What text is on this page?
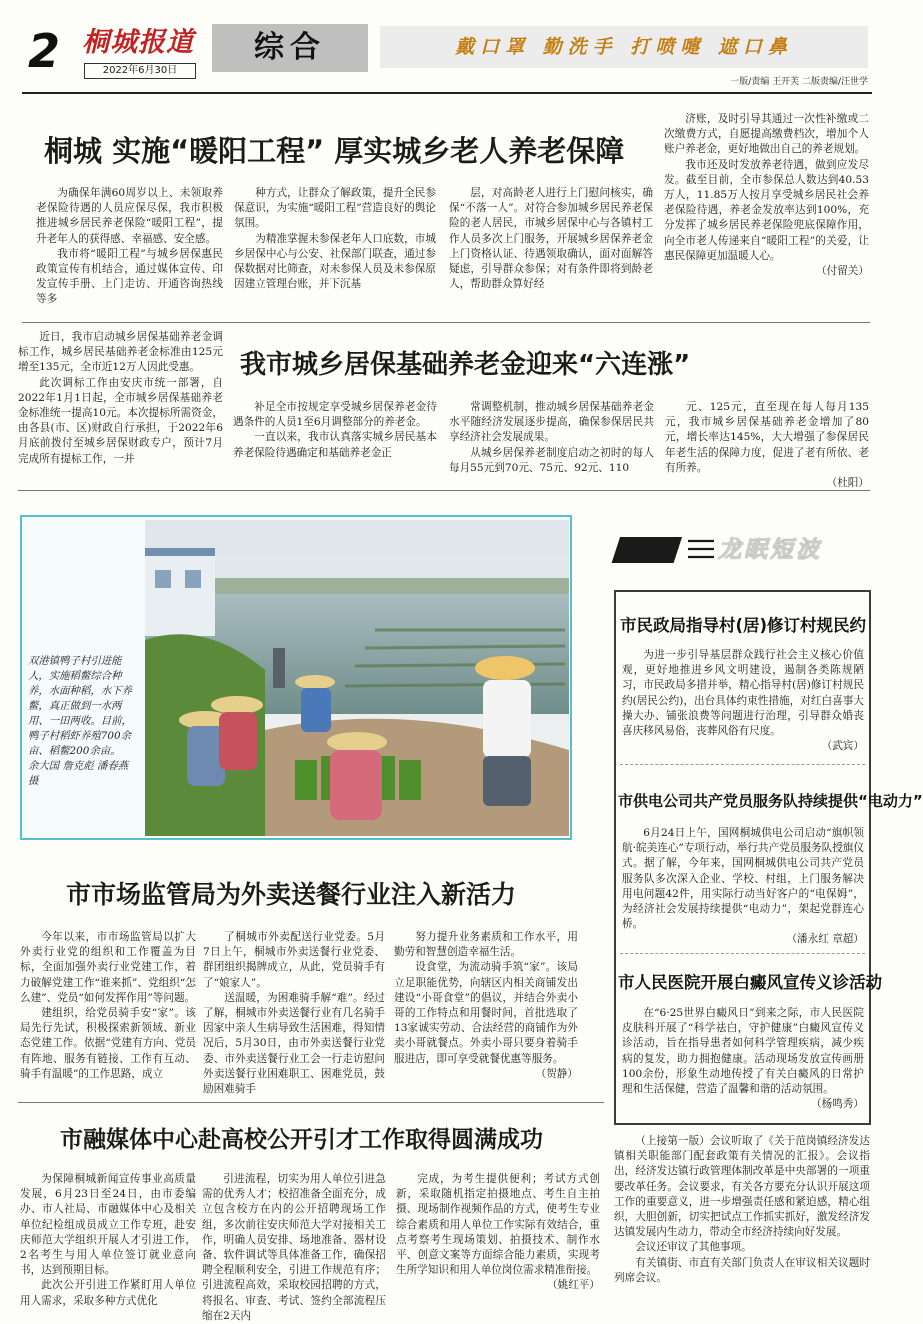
2 桐城报道
2022年6月30日
综合	戴口罩 勤洗手 打喷嚏 遮口鼻
一版/责编 王开芙 二版责编/汪世学
桐城 实施“暖阳工程” 厚实城乡老人养老保障

为确保年满60周岁以上、未领取养老保险待遇的人员应保尽保，我市积极推进城乡居民养老保险“暖阳工程”，提升老年人的获得感、幸福感、安全感。

我市将“暖阳工程”与城乡居保惠民政策宣传有机结合，通过媒体宣传、印发宣传手册、上门走访、开通咨询热线等多

种方式，让群众了解政策，提升全民参保意识，为实施“暖阳工程”营造良好的舆论氛围。

为精准掌握未参保老年人口底数，市城乡居保中心与公安、社保部门联查，通过参保数据对比筛查，对未参保人员及未参保原因建立管理台账，并下沉基

层，对高龄老人进行上门慰问核实，确保“不落一人”。对符合参加城乡居民养老保险的老人居民，市城乡居保中心与各镇村工作人员多次上门服务，开展城乡居保养老金上门资格认证、待遇领取确认，面对面解答疑虑，引导群众参保；对有条件即将到龄老人，帮助群众算好经

济账，及时引导其通过一次性补缴或二次缴费方式，自愿提高缴费档次，增加个人账户养老金，更好地做出自己的养老规划。

我市还及时发放养老待遇，做到应发尽发。截至目前，全市参保总人数达到40.53万人，11.85万人按月享受城乡居民社会养老保险待遇，养老金发放率达到100%，充分发挥了城乡居民养老保险兜底保障作用，向全市老人传递来自“暖阳工程”的关爱，让惠民保障更加温暖人心。

（付留关）

近日，我市启动城乡居保基础养老金调标工作，城乡居民基础养老金标准由125元增至135元，全市近12万人因此受惠。

此次调标工作由安庆市统一部署，自2022年1月1日起，全市城乡居保基础养老金标准统一提高10元。本次提标所需资金，由各县(市、区)财政自行承担，于2022年6月底前拨付至城乡居保财政专户，预计7月完成所有提标工作，一并

我市城乡居保基础养老金迎来“六连涨”

补足全市按规定享受城乡居保养老金待遇条件的人员1至6月调整部分的养老金。

一直以来，我市认真落实城乡居民基本养老保险待遇确定和基础养老金正

常调整机制，推动城乡居保基础养老金水平随经济发展逐步提高，确保参保居民共享经济社会发展成果。

从城乡居保养老制度启动之初时的每人每月55元到70元、75元、92元、110

元、125元，直至现在每人每月135元，我市城乡居保基础养老金增加了80元，增长率达145%，大大增强了参保居民年老生活的保障力度，促进了老有所依、老有所养。

（杜阳）
双港镇鸭子村引进能人，实施稻鳖综合种养，水面种稻，水下养鳖，真正做到一水两用、一田两收。目前，鸭子村稻虾养殖700余亩、稻鳖200余亩。 余大国 詹克彪 潘春燕 摄
市市场监管局为外卖送餐行业注入新活力

今年以来，市市场监管局以扩大外卖行业党的组织和工作覆盖为目标，全面加强外卖行业党建工作，着力破解党建工作“谁来抓”、党组织“怎么建”、党员“如何发挥作用”等问题。

建组织，给党员骑手安“家”。该局先行先试，积极探索新领域、新业态党建工作。依据“党建有方向、党员有阵地、服务有链接、工作有互动、骑手有温暖”的工作思路，成立

了桐城市外卖配送行业党委。5月7日上午，桐城市外卖送餐行业党委、群团组织揭牌成立，从此，党员骑手有了“娘家人”。

送温暖，为困难骑手解“难”。经过了解，桐城市外卖送餐行业有几名骑手因家中亲人生病导致生活困难，得知情况后，5月30日，由市外卖送餐行业党委、市外卖送餐行业工会一行走访慰问外卖送餐行业困难职工、困难党员，鼓励困难骑手

努力提升业务素质和工作水平，用勤劳和智慧创造幸福生活。

设食堂，为流动骑手筑“家”。该局立足职能优势，向辖区内相关商铺发出建设“小哥食堂”的倡议，并结合外卖小哥的工作特点和用餐时间，首批选取了13家诚实劳动、合法经营的商铺作为外卖小哥就餐点。外卖小哥只要身着骑手服进店，即可享受就餐优惠等服务。

（贺静）
市融媒体中心赴高校公开引才工作取得圆满成功

为保障桐城新闻宣传事业高质量发展，6月23日至24日，由市委编办、市人社局、市融媒体中心及相关单位纪检组成员成立工作专班，赴安庆师范大学组织开展人才引进工作，2名考生与用人单位签订就业意向书，达到预期目标。

此次公开引进工作紧盯用人单位用人需求，采取多种方式优化

引进流程，切实为用人单位引进急需的优秀人才；校招准备全面充分，成立包含校方在内的公开招聘现场工作组，多次前往安庆师范大学对接相关工作，明确人员安排、场地准备、器材设备、软件调试等具体准备工作，确保招聘全程顺利安全，引进工作规范有序；引进流程高效，采取校园招聘的方式，将报名、审查、考试、签约全部流程压缩在2天内

完成，为考生提供便利；考试方式创新，采取随机指定拍摄地点、考生自主拍摄、现场制作视频作品的方式，使考生专业综合素质和用人单位工作实际有效结合，重点考察考生现场策划、拍摄技术、制作水平、创意文案等方面综合能力素质，实现考生所学知识和用人单位岗位需求精准衔接。

（姚红平）
龙眠短波
市民政局指导村(居)修订村规民约

为进一步引导基层群众践行社会主义核心价值观，更好地推进乡风文明建设，遏制各类陈规陋习，市民政局多措并举，精心指导村(居)修订村规民约(居民公约)，出台具体约束性措施，对红白喜事大操大办、铺张浪费等问题进行治理，引导群众婚丧喜庆移风易俗，丧葬风俗有尺度。

（武宾）
市供电公司共产党员服务队持续提供“电动力”

6月24日上午，国网桐城供电公司启动“旗帜领航·皖美连心”专项行动，举行共产党员服务队授旗仪式。据了解，今年来，国网桐城供电公司共产党员服务队多次深入企业、学校、村组，上门服务解决用电问题42件，用实际行动当好客户的“电保姆”，为经济社会发展持续提供“电动力”，架起党群连心桥。

（潘永红 章超）
市人民医院开展白癜风宣传义诊活动

在“6·25世界白癜风日”到来之际，市人民医院皮肤科开展了“科学祛白，守护健康”白癜风宣传义诊活动，旨在指导患者如何科学管理疾病，减少疾病的复发，助力拥抱健康。活动现场发放宣传画册100余份，形象生动地传授了有关白癜风的日常护理和生活保健，营造了温馨和谐的活动氛围。

（杨鸣秀）

（上接第一版）会议听取了《关于范岗镇经济发达镇相关职能部门配套政策有关情况的汇报》。会议指出，经济发达镇行政管理体制改革是中央部署的一项重要改革任务。会议要求，有关各方要充分认识开展这项工作的重要意义，进一步增强责任感和紧迫感，精心组织，大胆创新，切实把试点工作抓实抓好，激发经济发达镇发展内生动力，带动全市经济持续向好发展。

会议还审议了其他事项。

有关镇街、市直有关部门负责人在审议相关议题时列席会议。
